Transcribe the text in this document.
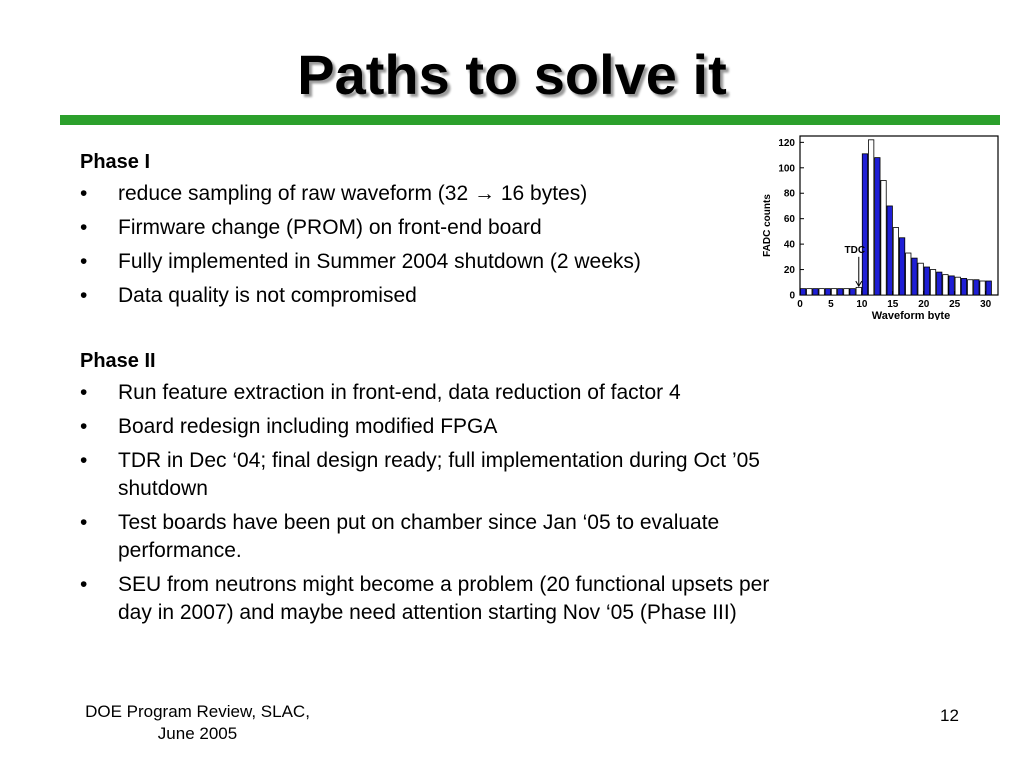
Paths to solve it
Phase I
• reduce sampling of raw waveform (32 → 16 bytes)
• Firmware change (PROM) on front-end board
• Fully implemented in Summer 2004 shutdown (2 weeks)
• Data quality is not compromised
Phase II
• Run feature extraction in front-end, data reduction of factor 4
• Board redesign including modified FPGA
• TDR in Dec ‘04; final design ready; full implementation during Oct ’05 shutdown
• Test boards have been put on chamber since Jan ‘05 to evaluate performance.
• SEU from neutrons might become a problem (20 functional upsets per day in 2007) and maybe need attention starting Nov ‘05 (Phase III)
0
20
40
60
80
100
120
0	5 10 15 20 25 30
Waveform byte
FADC counts	TDC
DOE Program Review, SLAC,
June 2005
12
